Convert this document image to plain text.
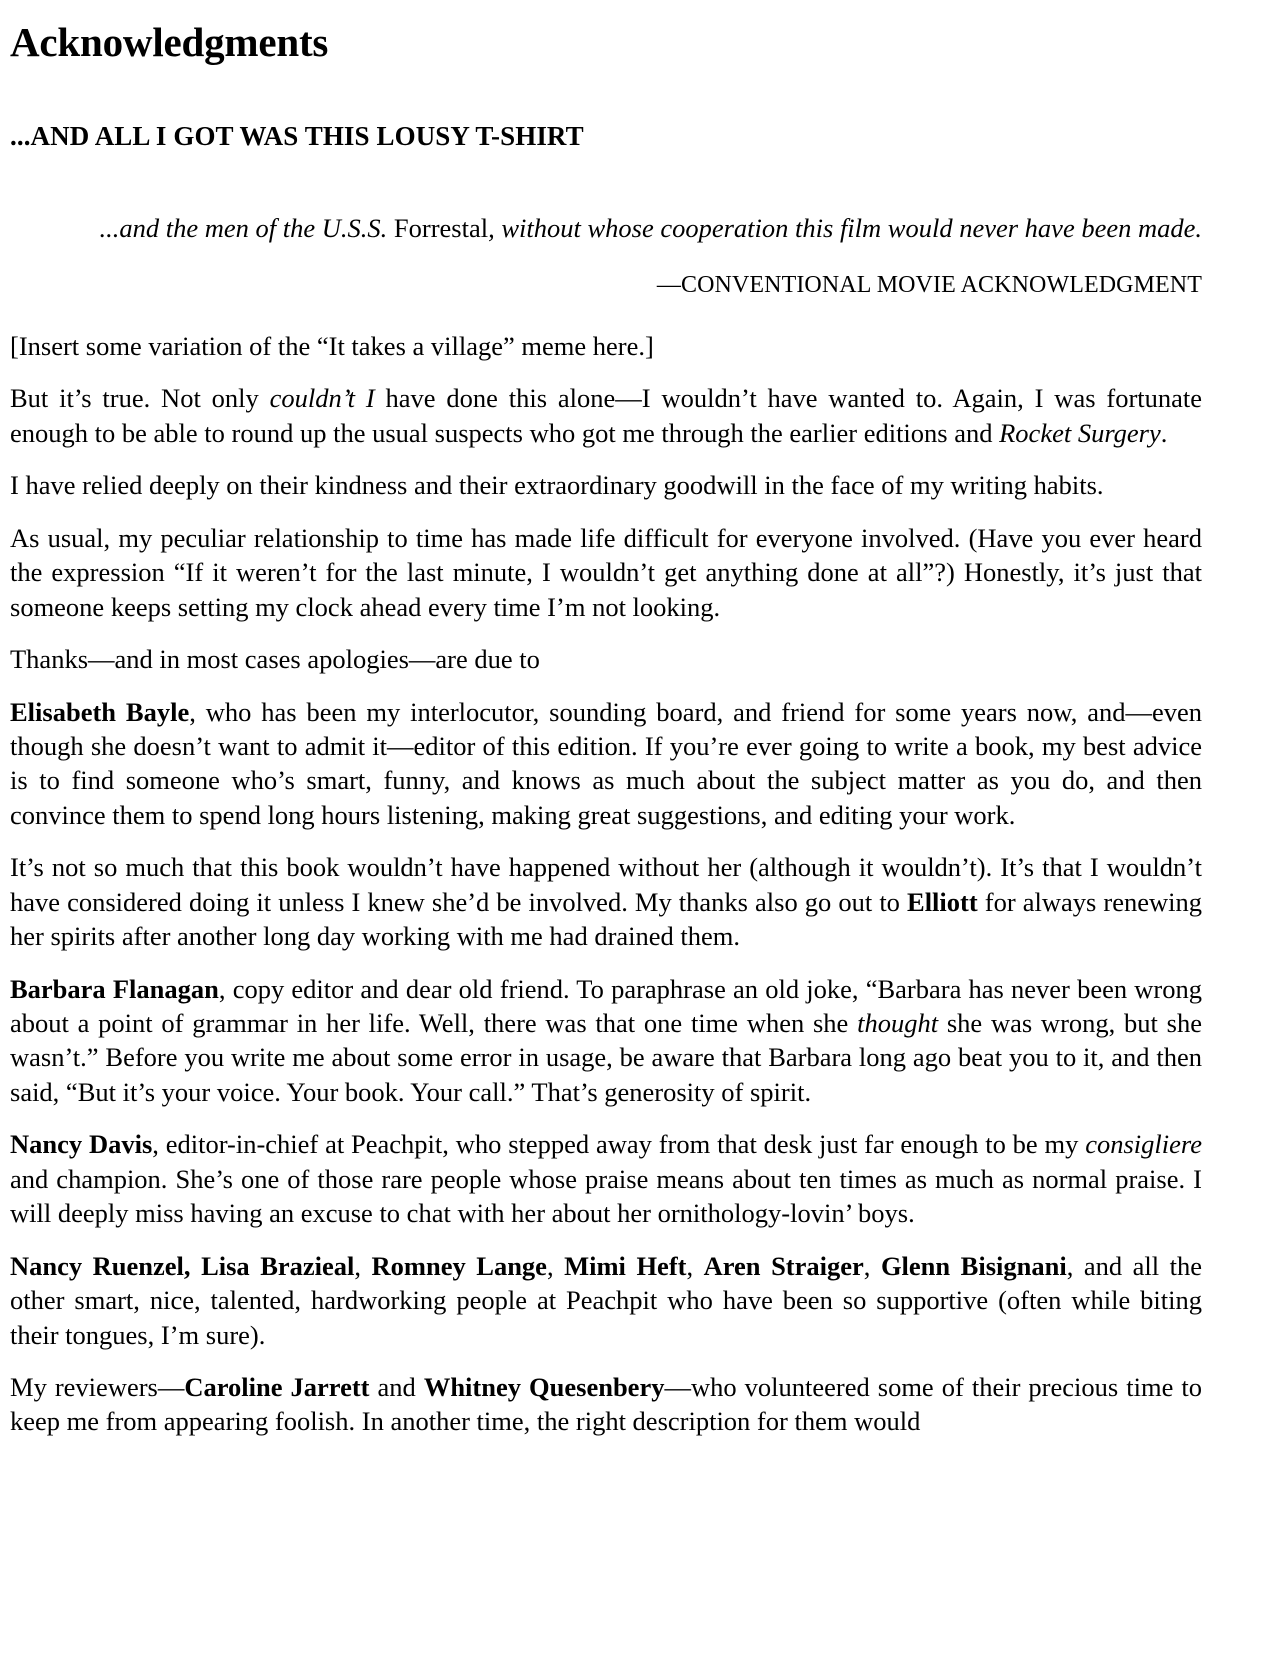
Acknowledgments
...AND ALL I GOT WAS THIS LOUSY T-SHIRT
...and the men of the U.S.S. Forrestal, without whose cooperation this film would never have been made.
—CONVENTIONAL MOVIE ACKNOWLEDGMENT

[Insert some variation of the “It takes a village” meme here.]

But it’s true. Not only couldn’t I have done this alone—I wouldn’t have wanted to. Again, I was fortunate enough to be able to round up the usual suspects who got me through the earlier editions and Rocket Surgery.

I have relied deeply on their kindness and their extraordinary goodwill in the face of my writing habits.

As usual, my peculiar relationship to time has made life difficult for everyone involved. (Have you ever heard the expression “If it weren’t for the last minute, I wouldn’t get anything done at all”?) Honestly, it’s just that someone keeps setting my clock ahead every time I’m not looking.

Thanks—and in most cases apologies—are due to

Elisabeth Bayle, who has been my interlocutor, sounding board, and friend for some years now, and—even though she doesn’t want to admit it—editor of this edition. If you’re ever going to write a book, my best advice is to find someone who’s smart, funny, and knows as much about the subject matter as you do, and then convince them to spend long hours listening, making great suggestions, and editing your work.

It’s not so much that this book wouldn’t have happened without her (although it wouldn’t). It’s that I wouldn’t have considered doing it unless I knew she’d be involved. My thanks also go out to Elliott for always renewing her spirits after another long day working with me had drained them.

Barbara Flanagan, copy editor and dear old friend. To paraphrase an old joke, “Barbara has never been wrong about a point of grammar in her life. Well, there was that one time when she thought she was wrong, but she wasn’t.” Before you write me about some error in usage, be aware that Barbara long ago beat you to it, and then said, “But it’s your voice. Your book. Your call.” That’s generosity of spirit.

Nancy Davis, editor-in-chief at Peachpit, who stepped away from that desk just far enough to be my consigliere and champion. She’s one of those rare people whose praise means about ten times as much as normal praise. I will deeply miss having an excuse to chat with her about her ornithology-lovin’ boys.

Nancy Ruenzel, Lisa Brazieal, Romney Lange, Mimi Heft, Aren Straiger, Glenn Bisignani, and all the other smart, nice, talented, hardworking people at Peachpit who have been so supportive (often while biting their tongues, I’m sure).

My reviewers—Caroline Jarrett and Whitney Quesenbery—who volunteered some of their precious time to keep me from appearing foolish. In another time, the right description for them would
